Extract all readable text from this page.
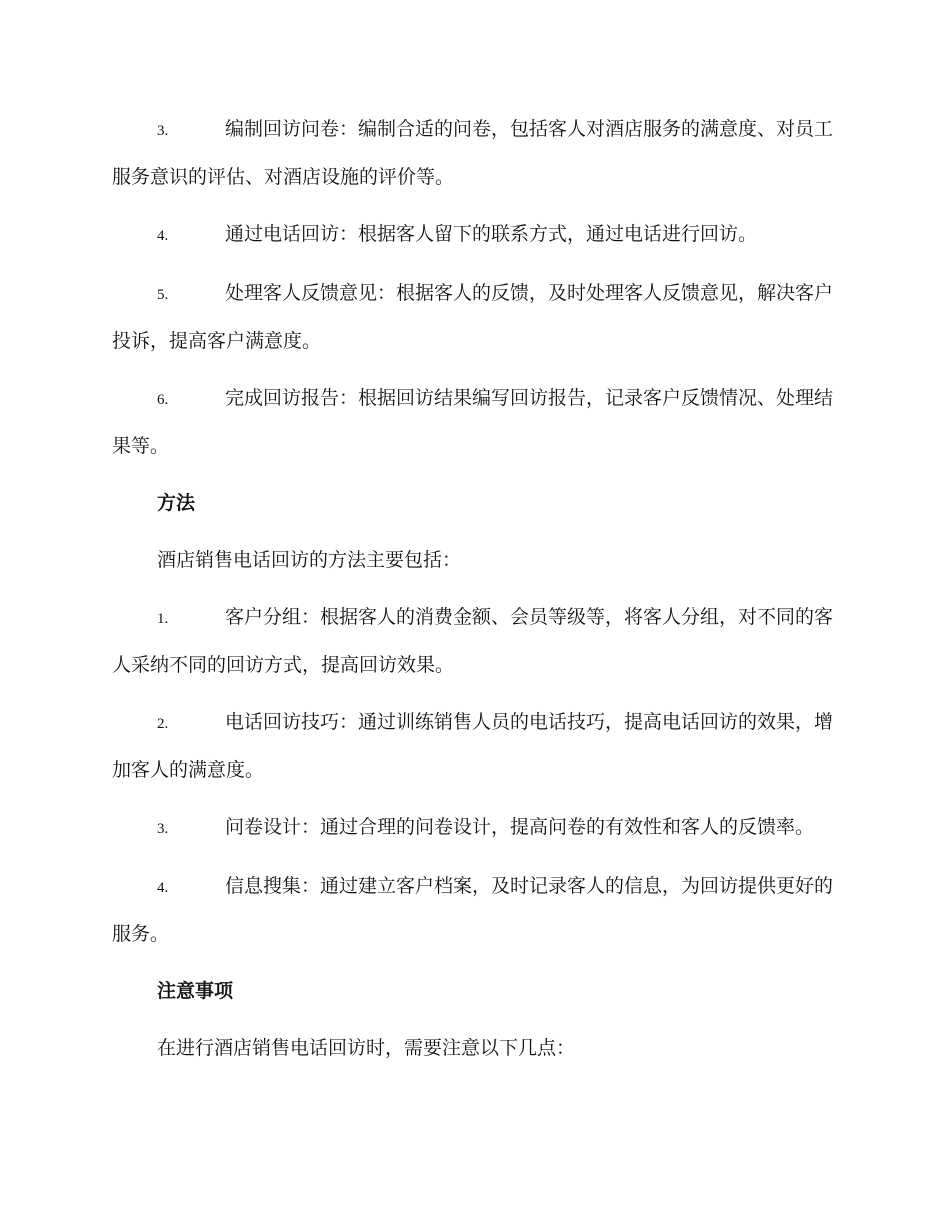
3.	编制回访问卷：编制合适的问卷，包括客人对酒店服务的满意度、对员工服务意识的评估、对酒店设施的评价等。
4.	通过电话回访：根据客人留下的联系方式，通过电话进行回访。
5.	处理客人反馈意见：根据客人的反馈，及时处理客人反馈意见，解决客户投诉，提高客户满意度。
6.	完成回访报告：根据回访结果编写回访报告，记录客户反馈情况、处理结果等。
方法
酒店销售电话回访的方法主要包括：
1.	客户分组：根据客人的消费金额、会员等级等，将客人分组，对不同的客人采纳不同的回访方式，提高回访效果。
2.	电话回访技巧：通过训练销售人员的电话技巧，提高电话回访的效果，增加客人的满意度。
3.	问卷设计：通过合理的问卷设计，提高问卷的有效性和客人的反馈率。
4.	信息搜集：通过建立客户档案，及时记录客人的信息，为回访提供更好的服务。
注意事项
在进行酒店销售电话回访时，需要注意以下几点：
